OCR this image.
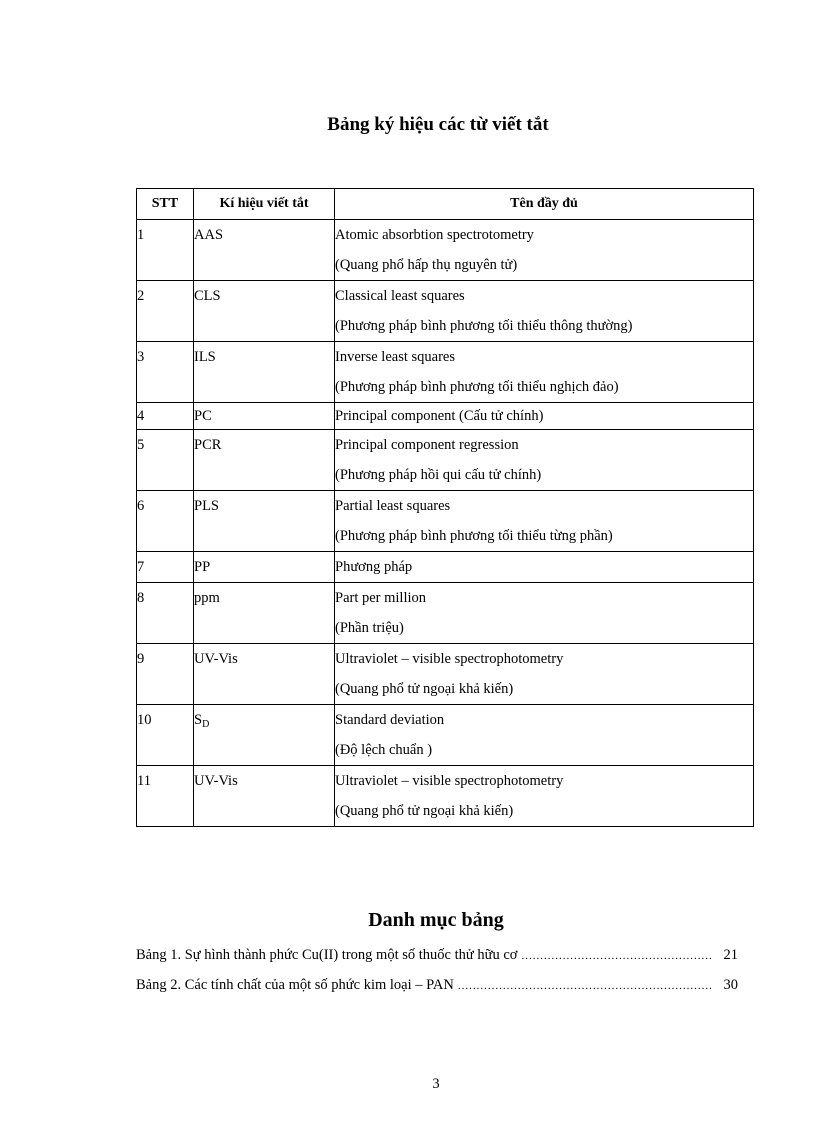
Bảng ký hiệu các từ viết tắt
STT	Kí hiệu viết tắt	Tên đầy đủ
1	AAS	Atomic absorbtion spectrotometry
(Quang phổ hấp thụ nguyên tử)

2	CLS	Classical least squares
(Phương pháp bình phương tối thiểu thông thường)

3	ILS	Inverse least squares
(Phương pháp bình phương tối thiểu nghịch đảo)

4	PC	Principal component (Cấu tử chính)

5	PCR	Principal component regression
(Phương pháp hồi qui cấu tử chính)

6	PLS	Partial least squares
(Phương pháp bình phương tối thiểu từng phần)

7	PP	Phương pháp

8	ppm	Part per million
(Phần triệu)

9	UV-Vis	Ultraviolet – visible spectrophotometry
(Quang phổ tử ngoại khả kiến)

10	$S_D$	Standard deviation
(Độ lệch chuẩn )

11	UV-Vis	Ultraviolet – visible spectrophotometry
(Quang phổ tử ngoại khả kiến)
Danh mục bảng
Bảng 1. Sự hình thành phức Cu(II) trong một số thuốc thử hữu cơ .....	21
Bảng 2. Các tính chất của một số phức kim loại – PAN .....	30
3
